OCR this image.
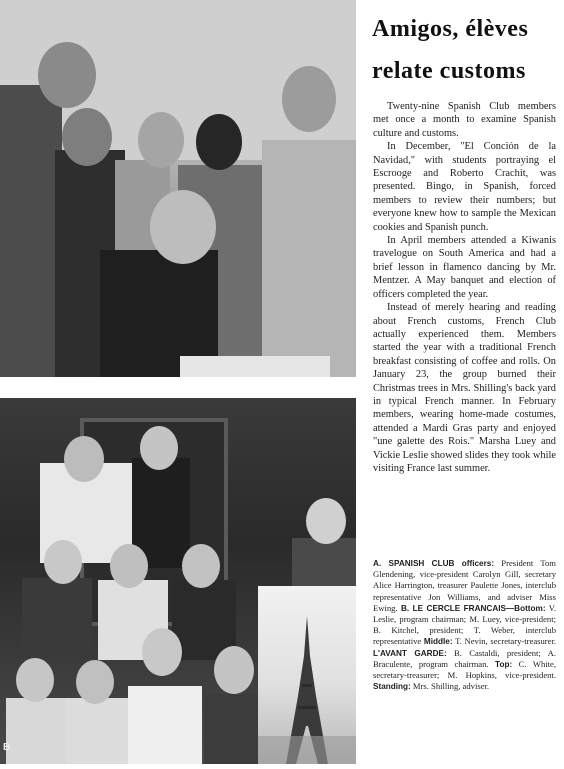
Amigos, élèves
relate customs

Twenty-nine Spanish Club members met once a month to examine Spanish culture and customs.

In December, "El Conción de la Navidad," with students portraying el Escrooge and Roberto Crachit, was presented. Bingo, in Spanish, forced members to review their numbers; but everyone knew how to sample the Mexican cookies and Spanish punch.

In April members attended a Kiwanis travelogue on South America and had a brief lesson in flamenco dancing by Mr. Mentzer. A May banquet and election of officers completed the year.

Instead of merely hearing and reading about French customs, French Club actually experienced them. Members started the year with a traditional French breakfast consisting of coffee and rolls. On January 23, the group burned their Christmas trees in Mrs. Shilling's back yard in typical French manner. In February members, wearing home-made costumes, attended a Mardi Gras party and enjoyed "une galette des Rois." Marsha Luey and Vickie Leslie showed slides they took while visiting France last summer.

B
A. SPANISH CLUB officers: President Tom Glendening, vice-president Carolyn Gill, secretary Alice Harrington, treasurer Paulette Jones, interclub representative Jon Williams, and adviser Miss Ewing. B. LE CERCLE FRANCAIS—Bottom: V. Leslie, program chairman; M. Luey, vice-president; B. Kitchel, president; T. Weber, interclub representative Middle: T. Nevin, secretary-treasurer. L'AVANT GARDE: B. Castaldi, president; A. Braculente, program chairman. Top: C. White, secretary-treasurer; M. Hopkins, vice-president. Standing: Mrs. Shilling, adviser.
